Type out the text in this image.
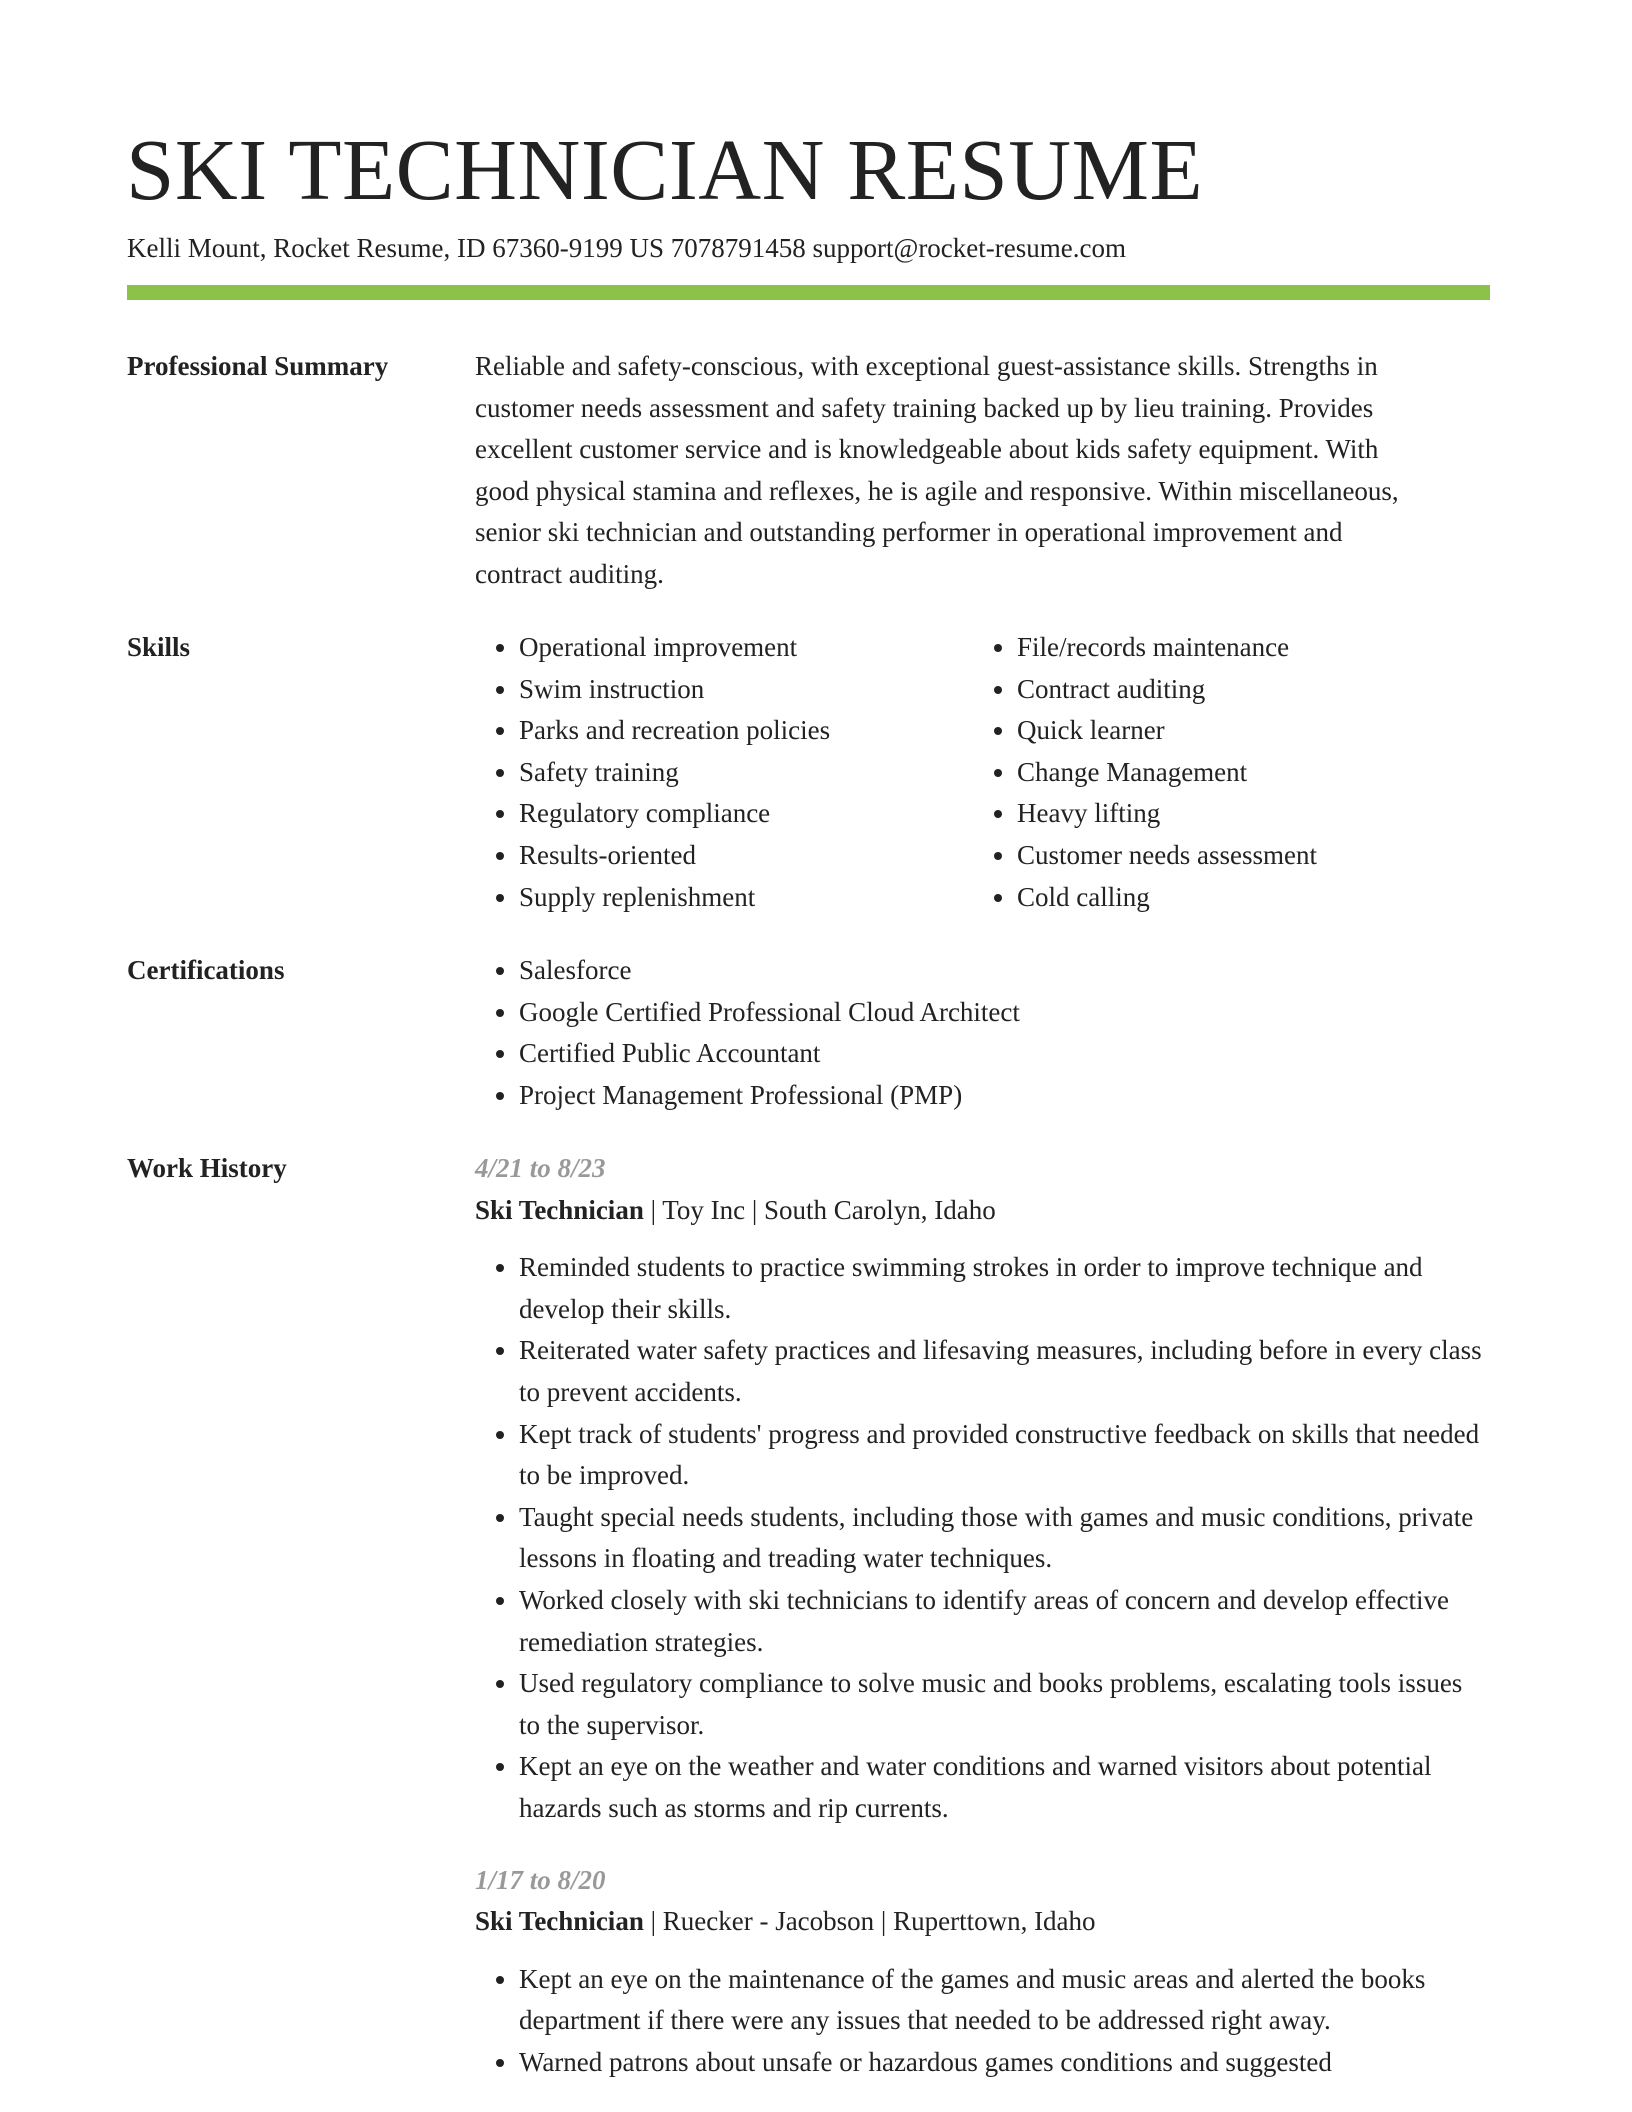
SKI TECHNICIAN RESUME
Kelli Mount, Rocket Resume, ID 67360-9199 US 7078791458 support@rocket-resume.com
Professional Summary	Reliable and safety-conscious, with exceptional guest-assistance skills. Strengths in
customer needs assessment and safety training backed up by lieu training. Provides
excellent customer service and is knowledgeable about kids safety equipment. With
good physical stamina and reflexes, he is agile and responsive. Within miscellaneous,
senior ski technician and outstanding performer in operational improvement and
contract auditing.

Skills	• Operational improvement
• Swim instruction
• Parks and recreation policies
• Safety training
• Regulatory compliance
• Results-oriented
• Supply replenishment
• File/records maintenance
• Contract auditing
• Quick learner
• Change Management
• Heavy lifting
• Customer needs assessment
• Cold calling
Certifications	• Salesforce
• Google Certified Professional Cloud Architect
• Certified Public Accountant
• Project Management Professional (PMP)
Work History	4/21 to 8/23
Ski Technician | Toy Inc | South Carolyn, Idaho
• Reminded students to practice swimming strokes in order to improve technique and develop their skills.
• Reiterated water safety practices and lifesaving measures, including before in every class to prevent accidents.
• Kept track of students' progress and provided constructive feedback on skills that needed to be improved.
• Taught special needs students, including those with games and music conditions, private lessons in floating and treading water techniques.
• Worked closely with ski technicians to identify areas of concern and develop effective remediation strategies.
• Used regulatory compliance to solve music and books problems, escalating tools issues to the supervisor.
• Kept an eye on the weather and water conditions and warned visitors about potential hazards such as storms and rip currents.
1/17 to 8/20
Ski Technician | Ruecker - Jacobson | Ruperttown, Idaho
• Kept an eye on the maintenance of the games and music areas and alerted the books department if there were any issues that needed to be addressed right away.
• Warned patrons about unsafe or hazardous games conditions and suggested
